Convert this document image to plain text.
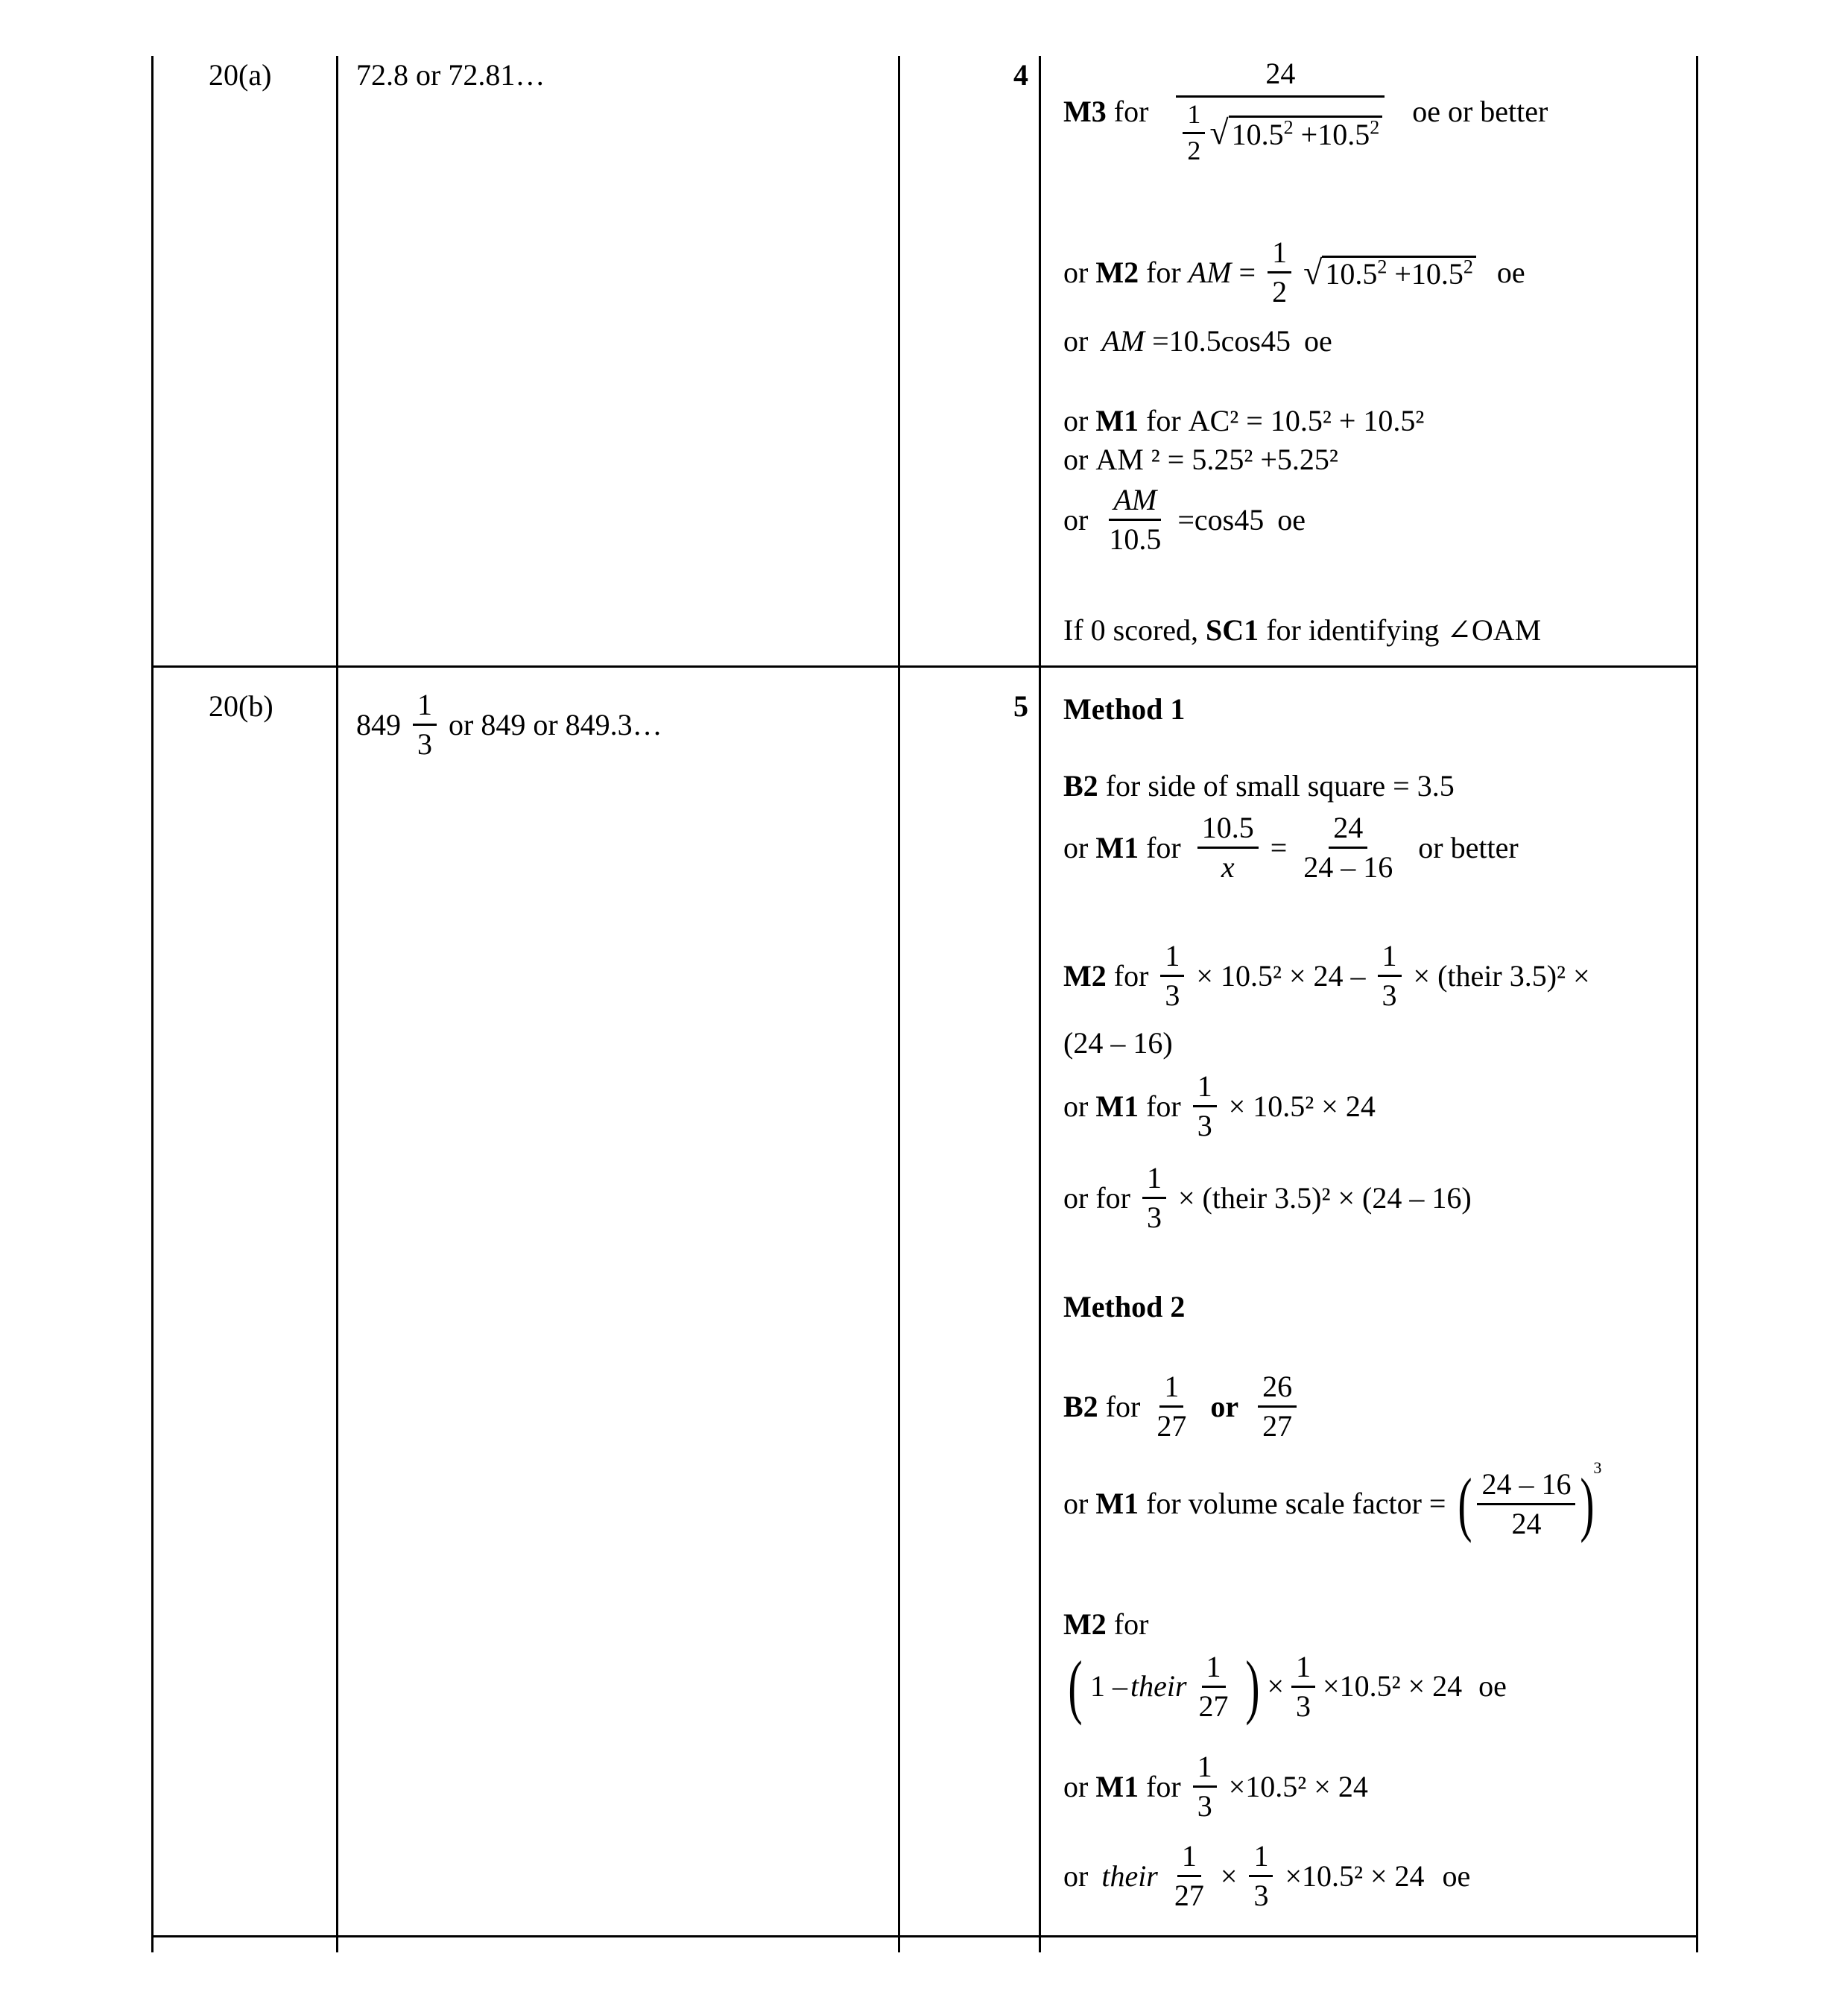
20(a)	72.8 or 72.81…	4
M3 for $\frac{24}{\frac{1}{2} √ 10.5^2 +10.5^2}$ oe or better
or M2 for AM = $\frac{1}{2}$ √ $10.5^2 +10.5^2$ oe
or AM =10.5cos45 oe
or M1 for AC² = 10.5² + 10.5²
or AM ² = 5.25² +5.25²
or $\frac{AM}{10.5} =\cos 45$ oe
If 0 scored, SC1 for identifying ∠OAM
20(b)
$849 \frac{1}{3}$ or 849 or 849.3…
5 Method 1
B2 for side of small square = 3.5
or M1 for $\frac{10.5}{x} = \frac{24}{24 - 16}$ or better
M2 for $\frac{1}{3} \times 10.5^2 \times 24 - \frac{1}{3}$ × (their 3.5)² ×
(24 – 16)
or M1 for $\frac{1}{3} \times 10.5^2 \times 24$
or for $\frac{1}{3}$ × (their 3.5)² × (24 – 16)
Method 2
B2 for $\frac{1}{27}$ or $\frac{26}{27}$
or M1 for volume scale factor = ( $\frac{24 - 16}{24}$ )
3
M2 for
( 1 – their $\frac{1}{27}$ ) × $\frac{1}{3} \times 10.5^2 \times 24$ oe
or M1 for $\frac{1}{3} \times 10.5^2 \times 24$
or their $\frac{1}{27} \times \frac{1}{3} \times 10.5^2 \times 24$ oe
